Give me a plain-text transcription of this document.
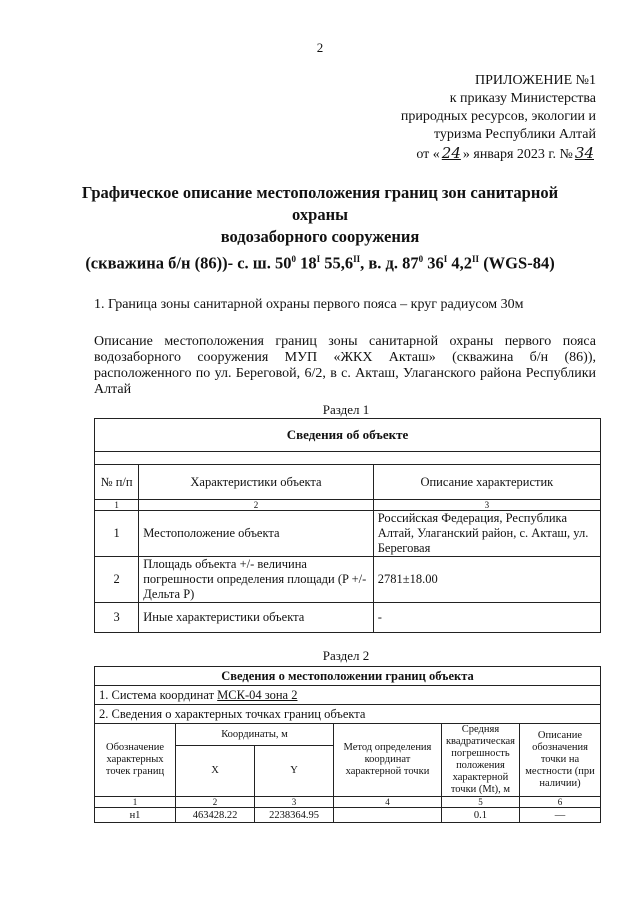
2
ПРИЛОЖЕНИЕ №1
к приказу Министерства
природных ресурсов, экологии и
туризма Республики Алтай
от « 24 » января 2023 г. № 34
Графическое описание местоположения границ зон санитарной
охраны
водозаборного сооружения
(скважина б/н (86))- с. ш. $50^0$ $18^I$ $55,6^{II}$, в. д. $87^0$ $36^I$ $4,2^{II}$ (WGS-84)
1. Граница зоны санитарной охраны первого пояса – круг радиусом 30м
Описание местоположения границ зоны санитарной охраны первого пояса водозаборного сооружения МУП «ЖКХ Акташ» (скважина б/н (86)), расположенного по ул. Береговой, 6/2, в с. Акташ, Улаганского района Республики Алтай
Раздел 1
Сведения об объекте		

№ п/п	Характеристики объекта	Описание характеристик
1	2	3
1	Местоположение объекта	Российская Федерация, Республика Алтай, Улаганский район, с. Акташ, ул. Береговая
2	Площадь объекта +/- величина погрешности определения площади (P +/- Дельта P)	2781±18.00
3	Иные характеристики объекта	-
Раздел 2
Сведения о местоположении границ объекта					
1. Система координат МСК-04 зона 2					
2. Сведения о характерных точках границ объекта					
Обозначение характерных точек границ	Координаты, м		Метод определения координат характерной точки	Средняя квадратическая погрешность положения характерной точки (Mt), м	Описание обозначения точки на местности (при наличии)
	X	Y			
1	2	3	4	5	6
н1	463428.22	2238364.95		0.1	—
